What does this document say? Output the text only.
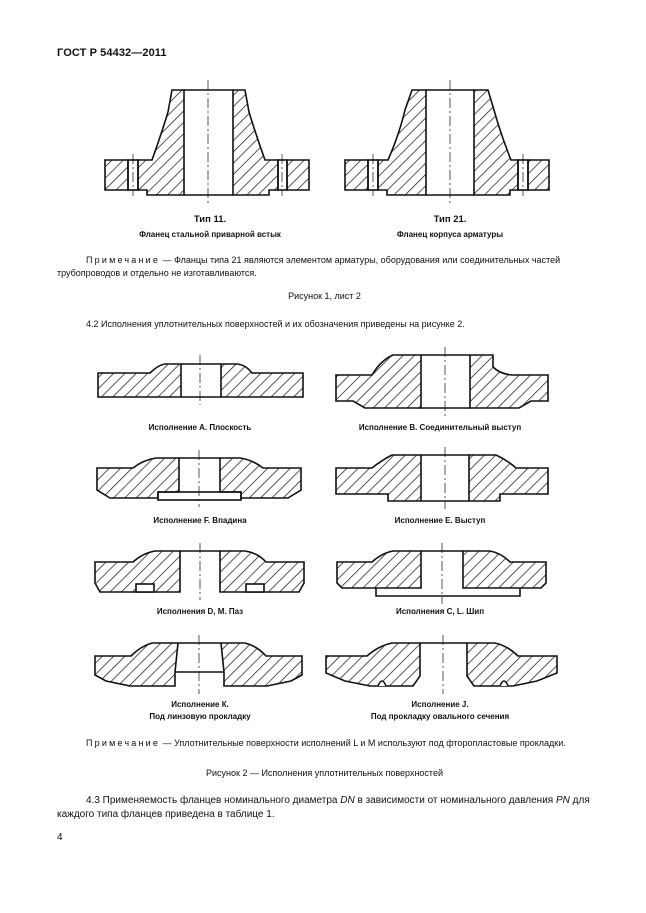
ГОСТ Р 54432—2011
Тип 11.
Фланец стальной приварной встык
Тип 21.
Фланец корпуса арматуры
Примечание — Фланцы типа 21 являются элементом арматуры, оборудования или соединительных частей трубопроводов и отдельно не изготавливаются.
Рисунок 1, лист 2
4.2 Исполнения уплотнительных поверхностей и их обозначения приведены на рисунке 2.
Исполнение А. Плоскость	Исполнение В. Соединительный выступ
Исполнение F. Впадина	Исполнение Е. Выступ
Исполнения D, M. Паз	Исполнения С, L. Шип
Исполнение К.
Под линзовую прокладку
Исполнение J.
Под прокладку овального сечения
Примечание — Уплотнительные поверхности исполнений L и M используют под фторопластовые прокладки.
Рисунок 2 — Исполнения уплотнительных поверхностей
4.3 Применяемость фланцев номинального диаметра DN в зависимости от номинального давления PN для каждого типа фланцев приведена в таблице 1.
4
